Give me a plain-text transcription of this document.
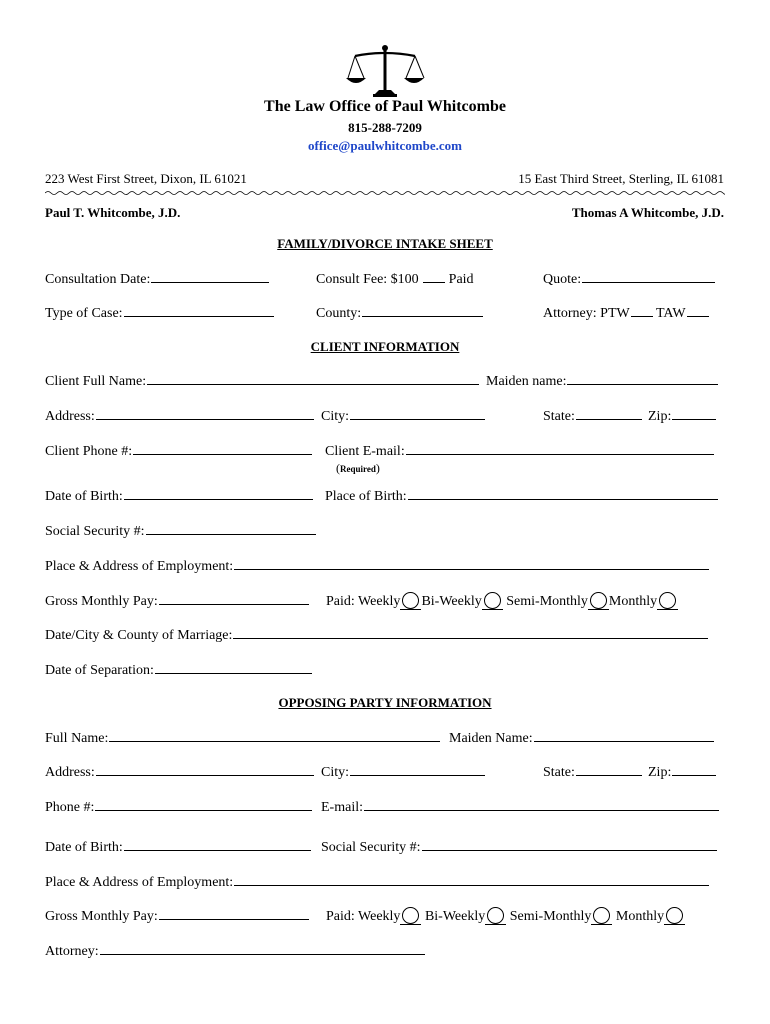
The Law Office of Paul Whitcombe
815-288-7209
office@paulwhitcombe.com
223 West First Street, Dixon, IL 61021	15 East Third Street, Sterling, IL 61081
Paul T. Whitcombe, J.D.	Thomas A Whitcombe, J.D.
FAMILY/DIVORCE INTAKE SHEET
Consultation Date:	Consult Fee: $100 Paid	Quote:
Type of Case:	County:	Attorney: PTW TAW
CLIENT INFORMATION
Client Full Name:	Maiden name:
Address:	City:	State:	Zip:
Client Phone #:	Client E-mail:
(Required)
Date of Birth:	Place of Birth:
Social Security #:
Place & Address of Employment:
Gross Monthly Pay:	Paid: Weekly Bi-Weekly Semi-Monthly Monthly
Date/City & County of Marriage:
Date of Separation:
OPPOSING PARTY INFORMATION
Full Name:	Maiden Name:
Address:	City:	State:	Zip:
Phone #:	E-mail:
Date of Birth:	Social Security #:
Place & Address of Employment:
Gross Monthly Pay:	Paid: Weekly Bi-Weekly Semi-Monthly Monthly
Attorney:
